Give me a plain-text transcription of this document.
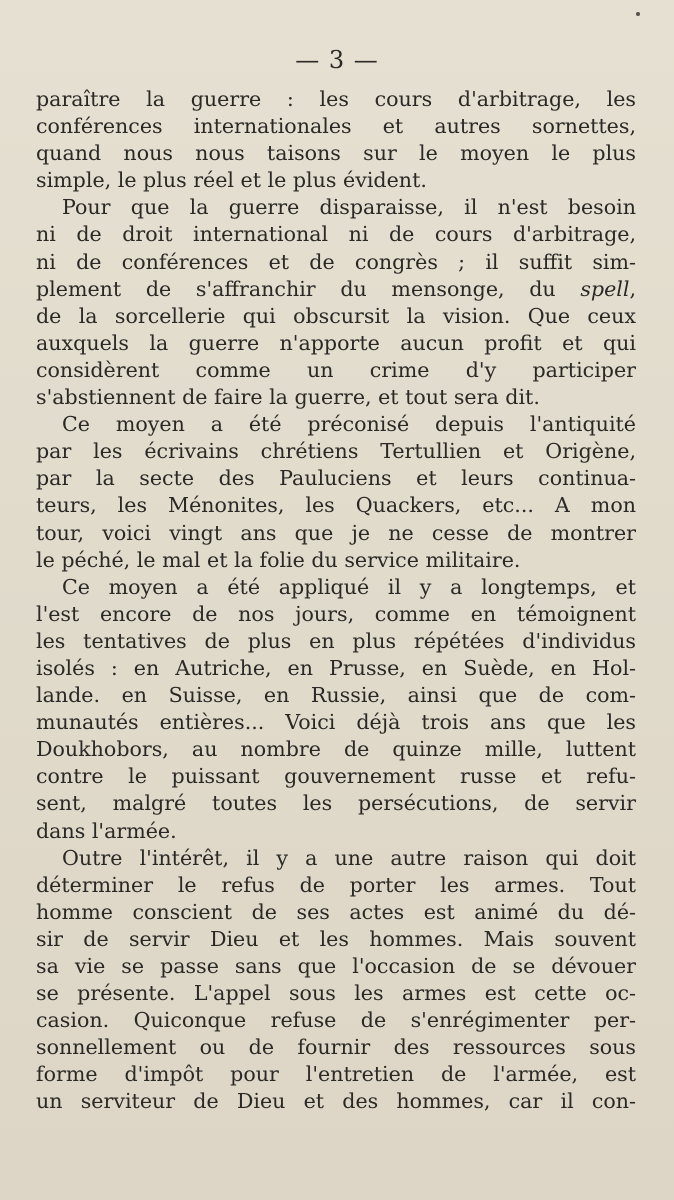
— 3 —
paraître la guerre : les cours d'arbitrage, les
conférences internationales et autres sornettes,
quand nous nous taisons sur le moyen le plus
simple, le plus réel et le plus évident.
Pour que la guerre disparaisse, il n'est besoin
ni de droit international ni de cours d'arbitrage,
ni de conférences et de congrès ; il suffit sim-
plement de s'affranchir du mensonge, du spell,
de la sorcellerie qui obscursit la vision. Que ceux
auxquels la guerre n'apporte aucun profit et qui
considèrent comme un crime d'y participer
s'abstiennent de faire la guerre, et tout sera dit.
Ce moyen a été préconisé depuis l'antiquité
par les écrivains chrétiens Tertullien et Origène,
par la secte des Pauluciens et leurs continua-
teurs, les Ménonites, les Quackers, etc... A mon
tour, voici vingt ans que je ne cesse de montrer
le péché, le mal et la folie du service militaire.
Ce moyen a été appliqué il y a longtemps, et
l'est encore de nos jours, comme en témoignent
les tentatives de plus en plus répétées d'individus
isolés : en Autriche, en Prusse, en Suède, en Hol-
lande. en Suisse, en Russie, ainsi que de com-
munautés entières... Voici déjà trois ans que les
Doukhobors, au nombre de quinze mille, luttent
contre le puissant gouvernement russe et refu-
sent, malgré toutes les persécutions, de servir
dans l'armée.
Outre l'intérêt, il y a une autre raison qui doit
déterminer le refus de porter les armes. Tout
homme conscient de ses actes est animé du dé-
sir de servir Dieu et les hommes. Mais souvent
sa vie se passe sans que l'occasion de se dévouer
se présente. L'appel sous les armes est cette oc-
casion. Quiconque refuse de s'enrégimenter per-
sonnellement ou de fournir des ressources sous
forme d'impôt pour l'entretien de l'armée, est
un serviteur de Dieu et des hommes, car il con-
